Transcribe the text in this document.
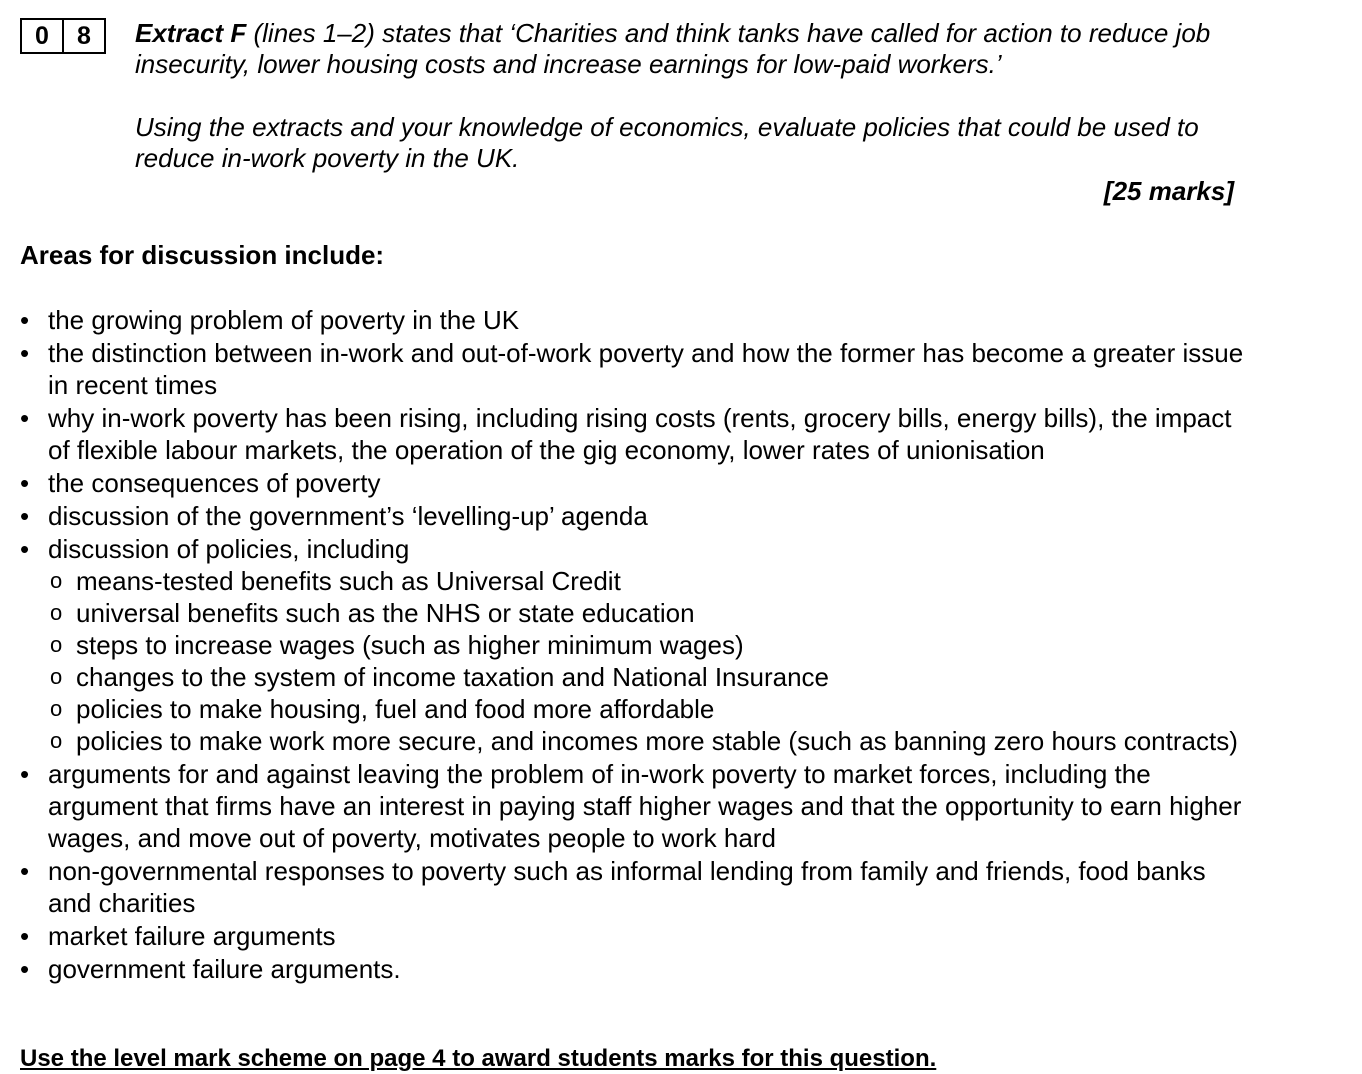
0	8	Extract F (lines 1–2) states that ‘Charities and think tanks have called for action to reduce job insecurity, lower housing costs and increase earnings for low-paid workers.’

Using the extracts and your knowledge of economics, evaluate policies that could be used to reduce in-work poverty in the UK.

[25 marks]

Areas for discussion include:

• the growing problem of poverty in the UK
• the distinction between in-work and out-of-work poverty and how the former has become a greater issue in recent times
• why in-work poverty has been rising, including rising costs (rents, grocery bills, energy bills), the impact of flexible labour markets, the operation of the gig economy, lower rates of unionisation
• the consequences of poverty
• discussion of the government’s ‘levelling-up’ agenda
• discussion of policies, including
o means-tested benefits such as Universal Credit
o universal benefits such as the NHS or state education
o steps to increase wages (such as higher minimum wages)
o changes to the system of income taxation and National Insurance
o policies to make housing, fuel and food more affordable
o policies to make work more secure, and incomes more stable (such as banning zero hours contracts)
• arguments for and against leaving the problem of in-work poverty to market forces, including the argument that firms have an interest in paying staff higher wages and that the opportunity to earn higher wages, and move out of poverty, motivates people to work hard
• non-governmental responses to poverty such as informal lending from family and friends, food banks and charities
• market failure arguments
• government failure arguments.

Use the level mark scheme on page 4 to award students marks for this question.
